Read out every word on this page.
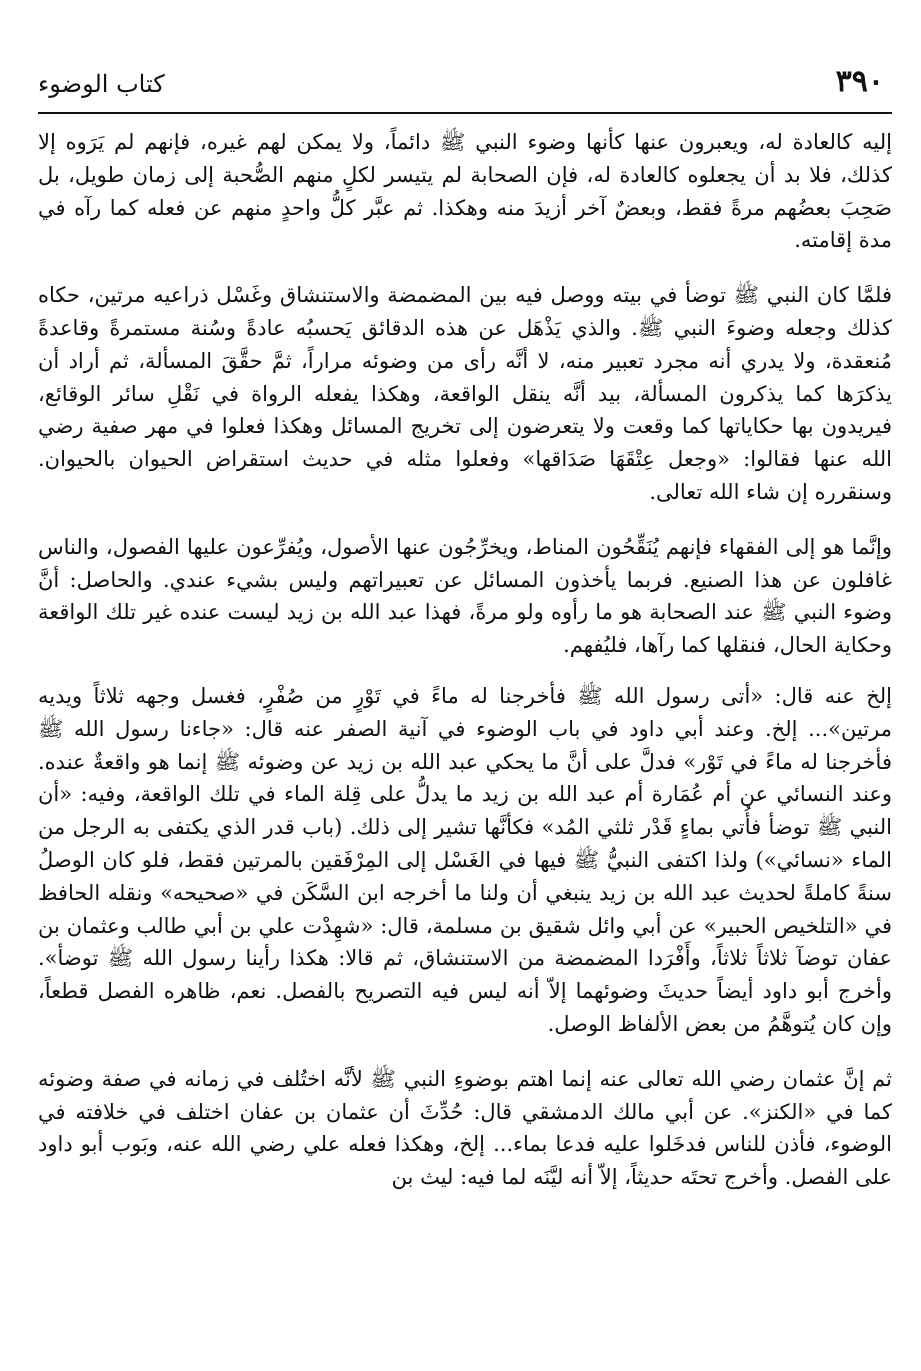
٣٩٠
كتاب الوضوء

إليه كالعادة له، ويعبرون عنها كأنها وضوء النبي ﷺ دائماً، ولا يمكن لهم غيره، فإنهم لم يَرَوه إلا كذلك، فلا بد أن يجعلوه كالعادة له، فإن الصحابة لم يتيسر لكلٍ منهم الصُّحبة إلى زمان طويل، بل صَحِبَ بعضُهم مرةً فقط، وبعضٌ آخر أزيدَ منه وهكذا. ثم عبَّر كلُّ واحدٍ منهم عن فعله كما رآه في مدة إقامته.

فلمَّا كان النبي ﷺ توضأ في بيته ووصل فيه بين المضمضة والاستنشاق وغَسْل ذراعيه مرتين، حكاه كذلك وجعله وضوءَ النبي ﷺ. والذي يَذْهَل عن هذه الدقائق يَحسبُه عادةً وسُنة مستمرةً وقاعدةً مُنعقدة، ولا يدري أنه مجرد تعبير منه، لا أنَّه رأى من وضوئه مراراً، ثمَّ حقَّقَ المسألة، ثم أراد أن يذكرَها كما يذكرون المسألة، بيد أنَّه ينقل الواقعة، وهكذا يفعله الرواة في نَقْلِ سائر الوقائع، فيريدون بها حكاياتها كما وقعت ولا يتعرضون إلى تخريج المسائل وهكذا فعلوا في مهر صفية رضي الله عنها فقالوا: «وجعل عِتْقَهَا صَدَاقها» وفعلوا مثله في حديث استقراض الحيوان بالحيوان. وسنقرره إن شاء الله تعالى.

وإنَّما هو إلى الفقهاء فإنهم يُنَقِّحُون المناط، ويخرِّجُون عنها الأصول، ويُفرِّعون عليها الفصول، والناس غافلون عن هذا الصنيع. فربما يأخذون المسائل عن تعبيراتهم وليس بشيء عندي. والحاصل: أنَّ وضوء النبي ﷺ عند الصحابة هو ما رأوه ولو مرةً، فهذا عبد الله بن زيد ليست عنده غير تلك الواقعة وحكاية الحال، فنقلها كما رآها، فليُفهم.

إلخ عنه قال: «أتى رسول الله ﷺ فأخرجنا له ماءً في تَوْرٍ من صُفْرٍ، فغسل وجهه ثلاثاً ويديه مرتين»... إلخ. وعند أبي داود في باب الوضوء في آنية الصفر عنه قال: «جاءنا رسول الله ﷺ فأخرجنا له ماءً في تَوْر» فدلَّ على أنَّ ما يحكي عبد الله بن زيد عن وضوئه ﷺ إنما هو واقعةٌ عنده. وعند النسائي عن أم عُمَارة أم عبد الله بن زيد ما يدلُّ على قِلة الماء في تلك الواقعة، وفيه: «أن النبي ﷺ توضأ فأُتي بماءٍ قَدْر ثلثي المُد» فكأنَّها تشير إلى ذلك. (باب قدر الذي يكتفى به الرجل من الماء «نسائي») ولذا اكتفى النبيُّ ﷺ فيها في الغَسْل إلى المِرْفَقين بالمرتين فقط، فلو كان الوصلُ سنةً كاملةً لحديث عبد الله بن زيد ينبغي أن ولنا ما أخرجه ابن السَّكَن في «صحيحه» ونقله الحافظ في «التلخيص الحبير» عن أبي وائل شقيق بن مسلمة، قال: «شهِدْت علي بن أبي طالب وعثمان بن عفان توضآ ثلاثاً ثلاثاً، وأَفْرَدا المضمضة من الاستنشاق، ثم قالا: هكذا رأينا رسول الله ﷺ توضأ». وأخرج أبو داود أيضاً حديثَ وضوئهما إلاّ أنه ليس فيه التصريح بالفصل. نعم، ظاهره الفصل قطعاً، وإن كان يُتوهَّمُ من بعض الألفاظ الوصل.

ثم إنَّ عثمان رضي الله تعالى عنه إنما اهتم بوضوءِ النبي ﷺ لأنَّه اختُلف في زمانه في صفة وضوئه كما في «الكنز». عن أبي مالك الدمشقي قال: حُدِّثَ أن عثمان بن عفان اختلف في خلافته في الوضوء، فأذن للناس فدخَلوا عليه فدعا بماء... إلخ، وهكذا فعله علي رضي الله عنه، وبَوب أبو داود على الفصل. وأخرج تحتَه حديثاً، إلاّ أنه ليَّنَه لما فيه: ليث بن
